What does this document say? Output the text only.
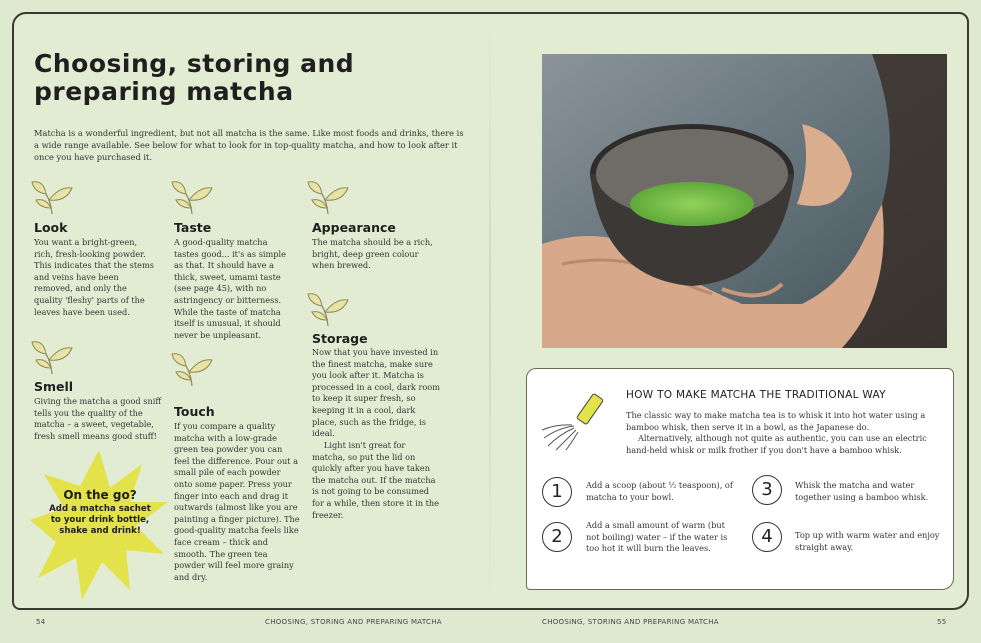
Choosing, storing and preparing matcha

Matcha is a wonderful ingredient, but not all matcha is the same. Like most foods and drinks, there is a wide range available. See below for what to look for in top-quality matcha, and how to look after it once you have purchased it.

Look

You want a bright-green, rich, fresh-looking powder. This indicates that the stems and veins have been removed, and only the quality 'fleshy' parts of the leaves have been used.

Taste

A good-quality matcha tastes good... it's as simple as that. It should have a thick, sweet, umami taste (see page 45), with no astringency or bitterness. While the taste of matcha itself is unusual, it should never be unpleasant.

Appearance

The matcha should be a rich, bright, deep green colour when brewed.

Smell

Giving the matcha a good sniff tells you the quality of the matcha – a sweet, vegetable, fresh smell means good stuff!

Touch

If you compare a quality matcha with a low-grade green tea powder you can feel the difference. Pour out a small pile of each powder onto some paper. Press your finger into each and drag it outwards (almost like you are painting a finger picture). The good-quality matcha feels like face cream – thick and smooth. The green tea powder will feel more grainy and dry.

Storage

Now that you have invested in the finest matcha, make sure you look after it. Matcha is processed in a cool, dark room to keep it super fresh, so keeping it in a cool, dark place, such as the fridge, is ideal.

Light isn't great for matcha, so put the lid on quickly after you have taken the matcha out. If the matcha is not going to be consumed for a while, then store it in the freezer.

On the go?
Add a matcha sachet to your drink bottle, shake and drink!
HOW TO MAKE MATCHA THE TRADITIONAL WAY

The classic way to make matcha tea is to whisk it into hot water using a bamboo whisk, then serve it in a bowl, as the Japanese do.

Alternatively, although not quite as authentic, you can use an electric hand-held whisk or milk frother if you don't have a bamboo whisk.

1	Add a scoop (about ½ teaspoon), of matcha to your bowl.

2

Add a small amount of warm (but not boiling) water – if the water is too hot it will burn the leaves.

3	Whisk the matcha and water together using a bamboo whisk.

4	Top up with warm water and enjoy straight away.

54	CHOOSING, STORING AND PREPARING MATCHA	CHOOSING, STORING AND PREPARING MATCHA	55
